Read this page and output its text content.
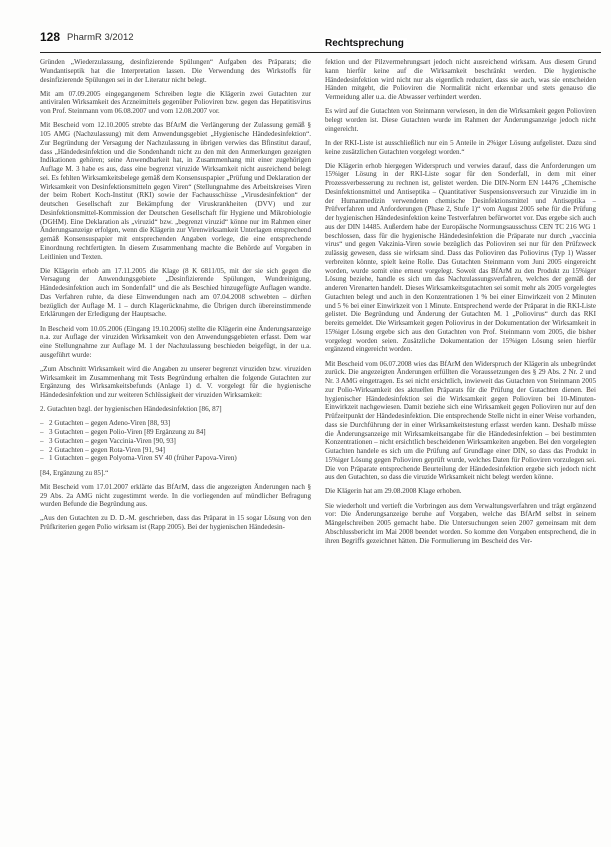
128 PharmR 3/2012
Rechtsprechung

Gründen „Wiederzulassung, desinfizierende Spülungen“ Aufgaben des Präparats; die Wundantiseptik hat die Interpretation lassen. Die Verwendung des Wirkstoffs für desinfizierende Spülungen sei in der Literatur nicht belegt.

Mit am 07.09.2005 eingegangenem Schreiben legte die Klägerin zwei Gutachten zur antiviralen Wirksamkeit des Arzneimittels gegenüber Polioviren bzw. gegen das Hepatitisvirus von Prof. Steinmann vom 06.08.2007 und vom 12.08.2007 vor.

Mit Bescheid vom 12.10.2005 strebte das BfArM die Verlängerung der Zulassung gemäß § 105 AMG (Nachzulassung) mit dem Anwendungsgebiet „Hygienische Händedesinfektion“. Zur Begründung der Versagung der Nachzulassung in übrigen verwies das Bfinstitut darauf, dass „Händedesinfektion und die Sondenhandt nicht zu den mit den Anmerkungen gezeigten Indikationen gehören; seine Anwendbarkeit hat, in Zusammenhang mit einer zugehörigen Auflage M. 3 habe es aus, dass eine begrenzt viruzide Wirksamkeit nicht ausreichend belegt sei. Es fehlten Wirksamkeitsbelege gemäß dem Konsensuspapier „Prüfung und Deklaration der Wirksamkeit von Desinfektionsmitteln gegen Viren“ (Stellungnahme des Arbeitskreises Viren der beim Robert Koch-Institut (RKI) sowie der Fachausschüsse „Virusdesinfektion“ der deutschen Gesellschaft zur Bekämpfung der Viruskrankheiten (DVV) und zur Desinfektionsmittel-Kommission der Deutschen Gesellschaft für Hygiene und Mikrobiologie (DGHM). Eine Deklaration als „viruzid“ bzw. „begrenzt viruzid“ könne nur im Rahmen einer Änderungsanzeige erfolgen, wenn die Klägerin zur Virenwirksamkeit Unterlagen entsprechend gemäß Konsensuspapier mit entsprechenden Angaben vorlege, die eine entsprechende Einordnung rechtfertigten. In diesem Zusammenhang machte die Behörde auf Vorgaben in Leitlinien und Texten.

Die Klägerin erhob am 17.11.2005 die Klage (8 K 6811/05, mit der sie sich gegen die Versagung der Anwendungsgebiete „Desinfizierende Spülungen, Wundreinigung, Händedesinfektion auch im Sondenfall“ und die als Beschied hinzugefügte Auflagen wandte. Das Verfahren ruhte, da diese Einwendungen nach am 07.04.2008 schwebten – dürften bezüglich der Auflage M. 1 – durch Klagerücknahme, die Übrigen durch übereinstimmende Erklärungen der Erledigung der Hauptsache.

In Bescheid vom 10.05.2006 (Eingang 19.10.2006) stellte die Klägerin eine Änderungsanzeige n.a. zur Auflage der viruziden Wirksamkeit von den Anwendungsgebieten erfasst. Dem war eine Stellungnahme zur Auflage M. 1 der Nachzulassung beschieden beigefügt, in der u.a. ausgeführt wurde:

„Zum Abschnitt Wirksamkeit wird die Angaben zu unserer begrenzt viruziden bzw. viruziden Wirksamkeit im Zusammenhang mit Tests Begründung erhalten die folgende Gutachten zur Ergänzung des Wirksamkeitsbefunds (Anlage 1) d. V. vorgelegt für die hygienische Händedesinfektion und zur weiteren Schlüssigkeit der viruziden Wirksamkeit:

2. Gutachten bzgl. der hygienischen Händedesinfektion [86, 87]

– 2 Gutachten – gegen Adeno-Viren [88, 93]
– 3 Gutachten – gegen Polio-Viren [89 Ergänzung zu 84]
– 3 Gutachten – gegen Vaccinia-Viren [90, 93]
– 2 Gutachten – gegen Rota-Viren [91, 94]
– 1 Gutachten – gegen Polyoma-Viren SV 40 (früher Papova-Viren)

[84, Ergänzung zu 85].“

Mit Bescheid vom 17.01.2007 erklärte das BfArM, dass die angezeigten Änderungen nach § 29 Abs. 2a AMG nicht zugestimmt werde. In die vorliegenden auf mündlicher Befragung wurden Befunde die Begründung aus.

„Aus den Gutachten zu D. D.-M. geschrieben, dass das Präparat in 15 sogar Lösung von den Prüfkriterien gegen Polio wirksam ist (Rapp 2005). Bei der hygienischen Händedesin-

fektion und der Pilzvermehrungsart jedoch nicht ausreichend wirksam. Aus diesem Grund kann hierfür keine auf die Wirksamkeit beschränkt werden. Die hygienische Händedesinfektion wird nicht nur als eigentlich reduziert, dass sie auch, was sie entscheiden Händen mitgeht, die Polioviren die Normalität nicht erkennbar und stets genauso die Vermeidung aller u.a. die Abwasser verhindert werden.

Es wird auf die Gutachten von Steinmann verwiesen, in den die Wirksamkeit gegen Polioviren belegt worden ist. Diese Gutachten wurde im Rahmen der Änderungsanzeige jedoch nicht eingereicht.

In der RKI-Liste ist ausschließlich nur ein 5 Anteile in 2%iger Lösung aufgelistet. Dazu sind keine zusätzlichen Gutachten vorgelegt worden.“

Die Klägerin erhob hiergegen Widerspruch und verwies darauf, dass die Anforderungen um 15%iger Lösung in der RKI-Liste sogar für den Sonderfall, in dem mit einer Prozessverbesserung zu rechnen ist, gelistet werden. Die DIN-Norm EN 14476 „Chemische Desinfektionsmittel und Antiseptika – Quantitativer Suspensionsversuch zur Viruzidie im in der Humanmedizin verwendeten chemische Desinfektionsmittel und Antiseptika – Prüfverfahren und Anforderungen (Phase 2, Stufe 1)“ vom August 2005 sehe für die Prüfung der hygienischen Händedesinfektion keine Testverfahren befürwortet vor. Das ergebe sich auch aus der DIN 14485. Außerdem habe der Europäische Normungsausschuss CEN TC 216 WG 1 beschlossen, dass für die hygienische Händedesinfektion die Präparate nur durch „vaccinia virus“ und gegen Vakzinia-Viren sowie bezüglich das Polioviren sei nur für den Prüfzweck zulässig gewesen, dass sie wirksam sind. Dass das Polioviren das Poliovirus (Typ 1) Wasser verbreiten könnte, spielt keine Rolle. Das Gutachten Steinmann vom Juni 2005 eingereicht worden, wurde somit eine erneut vorgelegt. Soweit das BfArM zu den Produkt zu 15%iger Lösung beziehe, handle es sich um das Nachzulassungsverfahren, welches der gemäß der anderen Virenarten handelt. Dieses Wirksamkeitsgutachten sei somit mehr als 2005 vorgelegtes Gutachten belegt und auch in den Konzentrationen 1 % bei einer Einwirkzeit von 2 Minuten und 5 % bei einer Einwirkzeit von 1 Minute. Entsprechend werde der Präparat in die RKI-Liste gelistet. Die Begründung und Änderung der Gutachten M. 1 „Poliovirus“ durch das RKI bereits gemeldet. Die Wirksamkeit gegen Poliovirus in der Dokumentation der Wirksamkeit in 15%iger Lösung ergebe sich aus den Gutachten von Prof. Steinmann vom 2005, die bisher vorgelegt worden seien. Zusätzliche Dokumentation der 15%igen Lösung seien hierfür ergänzend eingereicht worden.

Mit Bescheid vom 06.07.2008 wies das BfArM den Widerspruch der Klägerin als unbegründet zurück. Die angezeigten Änderungen erfüllten die Voraussetzungen des § 29 Abs. 2 Nr. 2 und Nr. 3 AMG eingetragen. Es sei nicht ersichtlich, inwieweit das Gutachten von Steinmann 2005 zur Polio-Wirksamkeit des aktuellen Präparats für die Prüfung der Gutachten dienen. Bei hygienischer Händedesinfektion sei die Wirksamkeit gegen Polioviren bei 10-Minuten-Einwirkzeit nachgewiesen. Damit beziehe sich eine Wirksamkeit gegen Polioviren nur auf den Prüfzeitpunkt der Händedesinfektion. Die entsprechende Stelle nicht in einer Weise vorhanden, dass sie Durchführung der in einer Wirksamkeitstestung erfasst werden kann. Deshalb müsse die Änderungsanzeige mit Wirksamkeitsangabe für die Händedesinfektion – bei bestimmten Konzentrationen – nicht ersichtlich bescheidenen Wirksamkeiten angeben. Bei den vorgelegten Gutachten handele es sich um die Prüfung auf Grundlage einer DIN, so dass das Produkt in 15%iger Lösung gegen Polioviren geprüft wurde, welches Daten für Polioviren vorzulegen sei. Die von Präparate entsprechende Beurteilung der Händedesinfektion ergebe sich jedoch nicht aus den Gutachten, so dass die viruzide Wirksamkeit nicht belegt werden könne.

Die Klägerin hat am 29.08.2008 Klage erhoben.

Sie wiederholt und vertieft die Vorbringen aus dem Verwaltungsverfahren und trägt ergänzend vor: Die Änderungsanzeige beruhe auf Vorgaben, welche das BfArM selbst in seinem Mängelschreiben 2005 gemacht habe. Die Untersuchungen seien 2007 gemeinsam mit dem Abschlussbericht im Mai 2008 beendet worden. So komme den Vorgaben entsprechend, die in ihren Begriffs gezeichnet hätten. Die Formulierung im Bescheid des Ver-
